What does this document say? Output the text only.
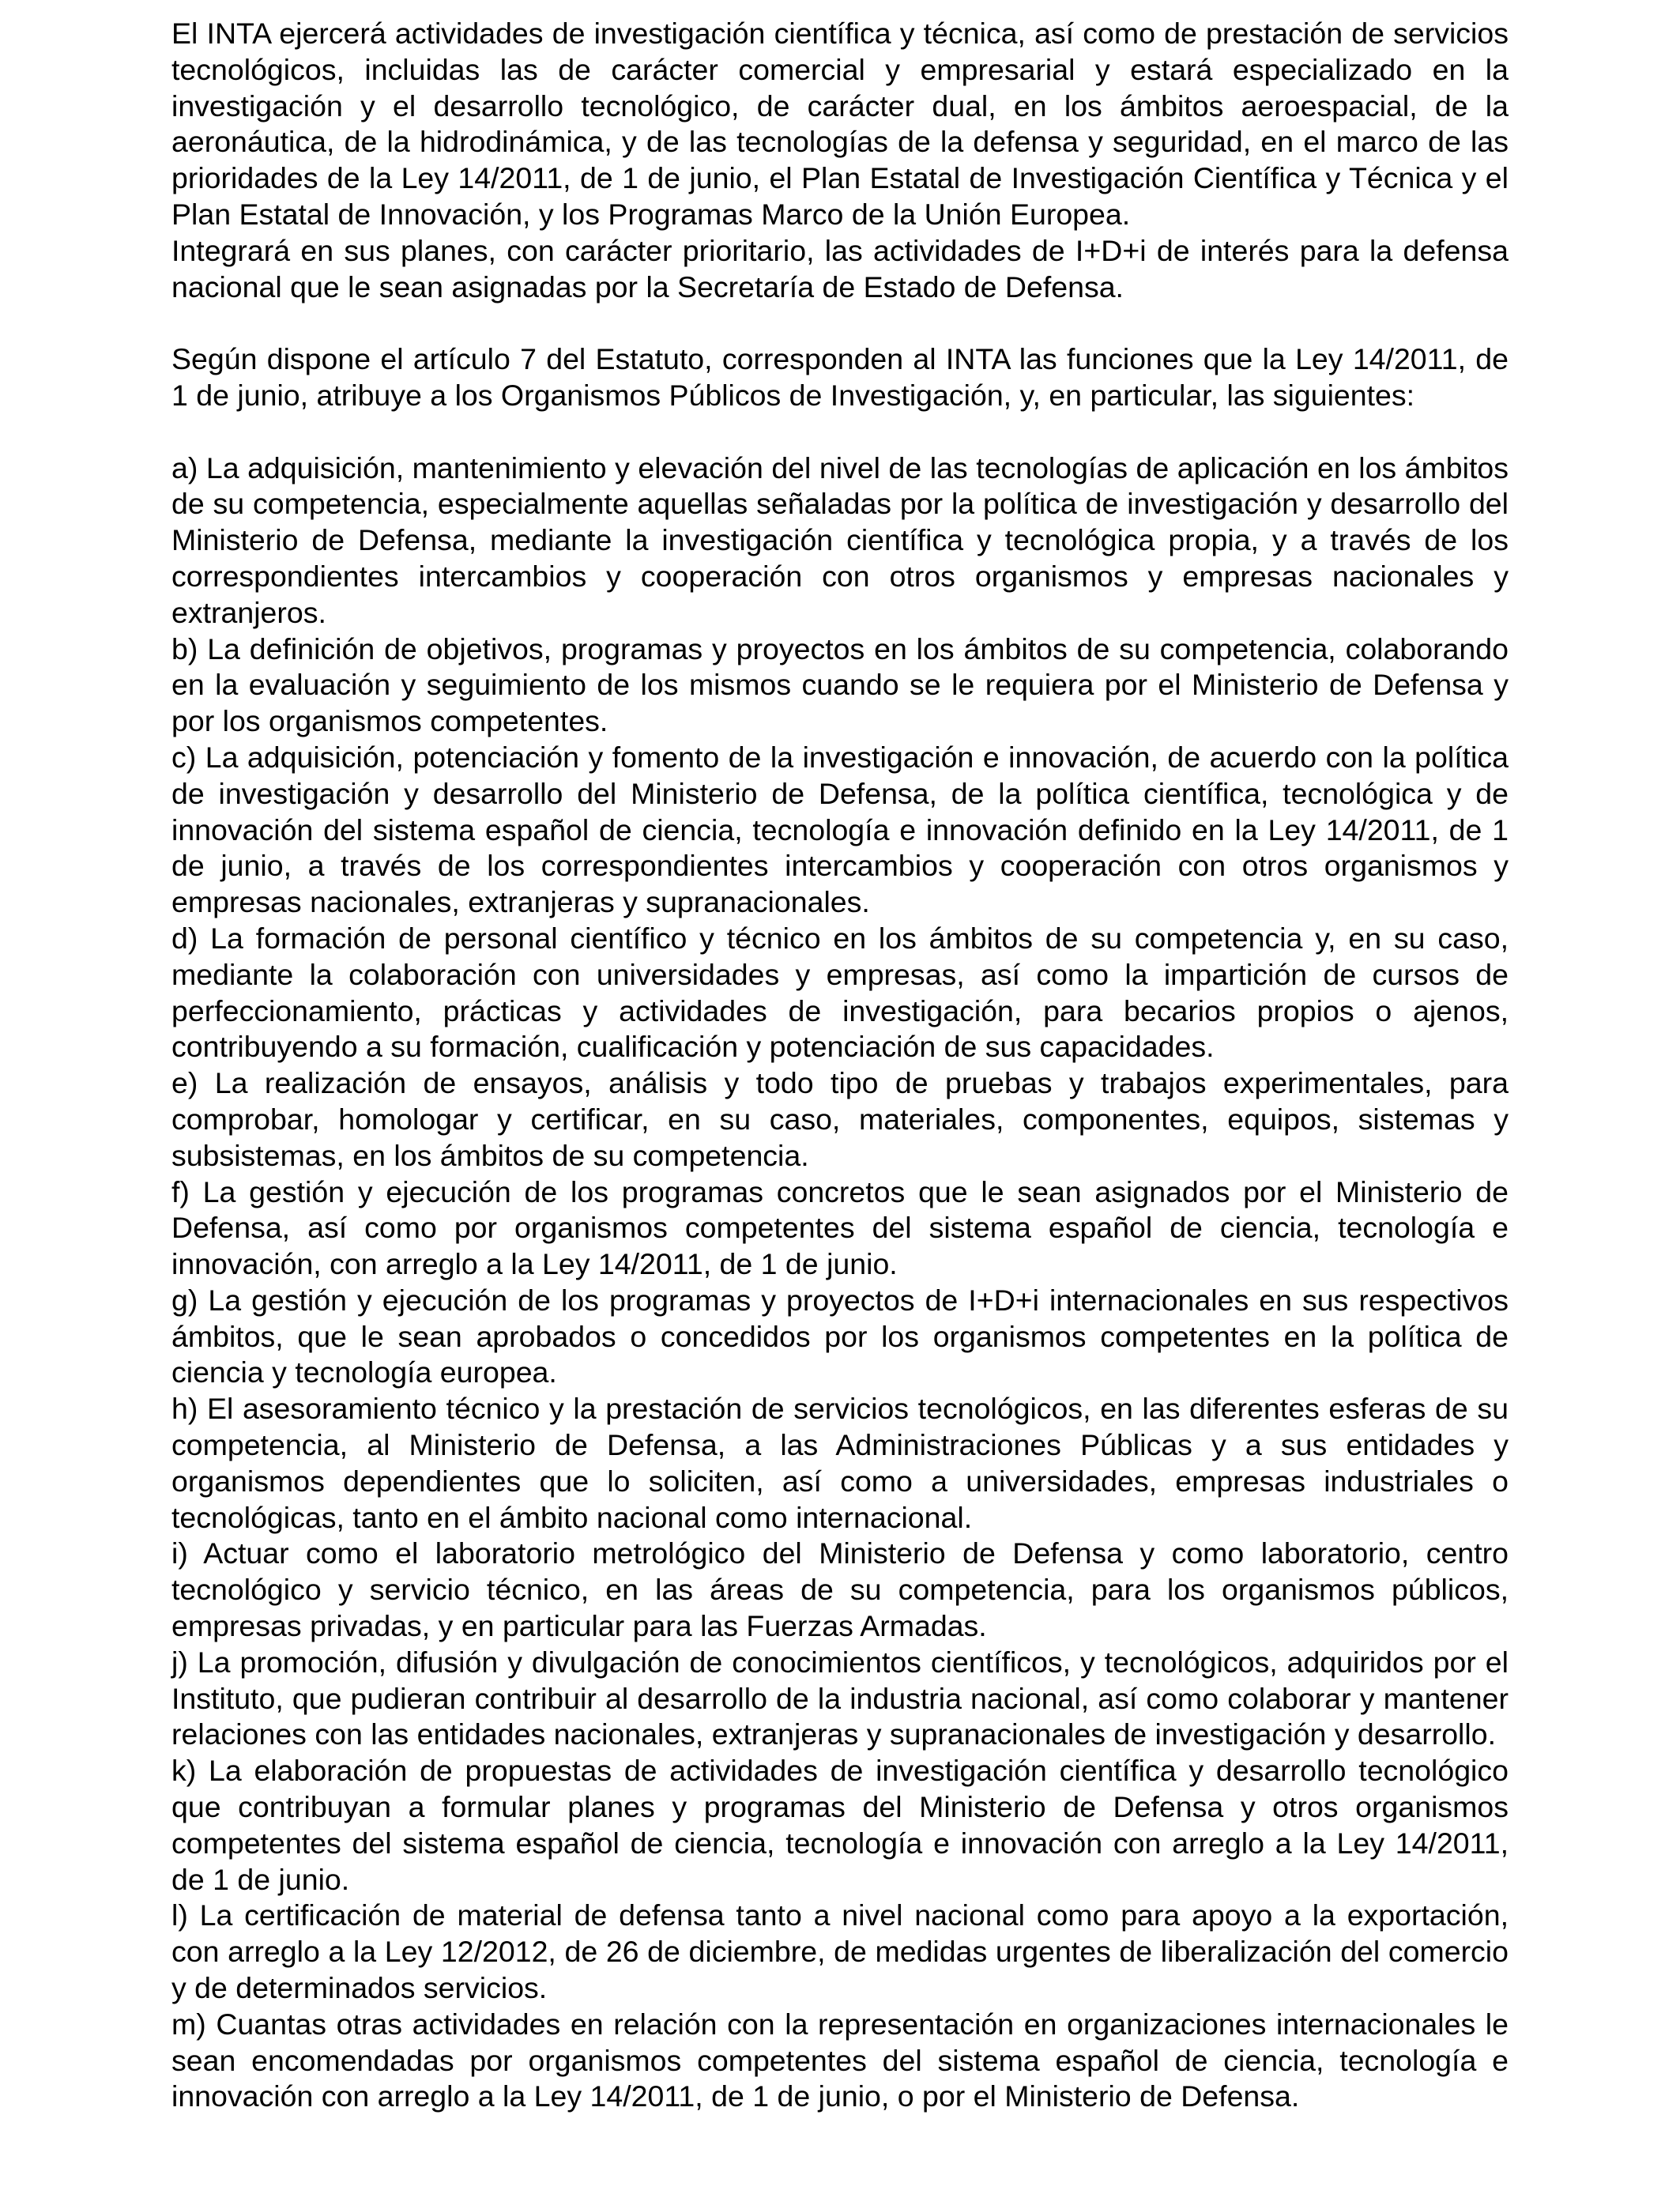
El INTA ejercerá actividades de investigación científica y técnica, así como de prestación de servicios tecnológicos, incluidas las de carácter comercial y empresarial y estará especializado en la investigación y el desarrollo tecnológico, de carácter dual, en los ámbitos aeroespacial, de la aeronáutica, de la hidrodinámica, y de las tecnologías de la defensa y seguridad, en el marco de las prioridades de la Ley 14/2011, de 1 de junio, el Plan Estatal de Investigación Científica y Técnica y el Plan Estatal de Innovación, y los Programas Marco de la Unión Europea.

Integrará en sus planes, con carácter prioritario, las actividades de I+D+i de interés para la defensa nacional que le sean asignadas por la Secretaría de Estado de Defensa.

Según dispone el artículo 7 del Estatuto, corresponden al INTA las funciones que la Ley 14/2011, de 1 de junio, atribuye a los Organismos Públicos de Investigación, y, en particular, las siguientes:

a) La adquisición, mantenimiento y elevación del nivel de las tecnologías de aplicación en los ámbitos de su competencia, especialmente aquellas señaladas por la política de investigación y desarrollo del Ministerio de Defensa, mediante la investigación científica y tecnológica propia, y a través de los correspondientes intercambios y cooperación con otros organismos y empresas nacionales y extranjeros.

b) La definición de objetivos, programas y proyectos en los ámbitos de su competencia, colaborando en la evaluación y seguimiento de los mismos cuando se le requiera por el Ministerio de Defensa y por los organismos competentes.

c) La adquisición, potenciación y fomento de la investigación e innovación, de acuerdo con la política de investigación y desarrollo del Ministerio de Defensa, de la política científica, tecnológica y de innovación del sistema español de ciencia, tecnología e innovación definido en la Ley 14/2011, de 1 de junio, a través de los correspondientes intercambios y cooperación con otros organismos y empresas nacionales, extranjeras y supranacionales.

d) La formación de personal científico y técnico en los ámbitos de su competencia y, en su caso, mediante la colaboración con universidades y empresas, así como la impartición de cursos de perfeccionamiento, prácticas y actividades de investigación, para becarios propios o ajenos, contribuyendo a su formación, cualificación y potenciación de sus capacidades.

e) La realización de ensayos, análisis y todo tipo de pruebas y trabajos experimentales, para comprobar, homologar y certificar, en su caso, materiales, componentes, equipos, sistemas y subsistemas, en los ámbitos de su competencia.

f) La gestión y ejecución de los programas concretos que le sean asignados por el Ministerio de Defensa, así como por organismos competentes del sistema español de ciencia, tecnología e innovación, con arreglo a la Ley 14/2011, de 1 de junio.

g) La gestión y ejecución de los programas y proyectos de I+D+i internacionales en sus respectivos ámbitos, que le sean aprobados o concedidos por los organismos competentes en la política de ciencia y tecnología europea.

h) El asesoramiento técnico y la prestación de servicios tecnológicos, en las diferentes esferas de su competencia, al Ministerio de Defensa, a las Administraciones Públicas y a sus entidades y organismos dependientes que lo soliciten, así como a universidades, empresas industriales o tecnológicas, tanto en el ámbito nacional como internacional.

i) Actuar como el laboratorio metrológico del Ministerio de Defensa y como laboratorio, centro tecnológico y servicio técnico, en las áreas de su competencia, para los organismos públicos, empresas privadas, y en particular para las Fuerzas Armadas.

j) La promoción, difusión y divulgación de conocimientos científicos, y tecnológicos, adquiridos por el Instituto, que pudieran contribuir al desarrollo de la industria nacional, así como colaborar y mantener relaciones con las entidades nacionales, extranjeras y supranacionales de investigación y desarrollo.

k) La elaboración de propuestas de actividades de investigación científica y desarrollo tecnológico que contribuyan a formular planes y programas del Ministerio de Defensa y otros organismos competentes del sistema español de ciencia, tecnología e innovación con arreglo a la Ley 14/2011, de 1 de junio.

l) La certificación de material de defensa tanto a nivel nacional como para apoyo a la exportación, con arreglo a la Ley 12/2012, de 26 de diciembre, de medidas urgentes de liberalización del comercio y de determinados servicios.

m) Cuantas otras actividades en relación con la representación en organizaciones internacionales le sean encomendadas por organismos competentes del sistema español de ciencia, tecnología e innovación con arreglo a la Ley 14/2011, de 1 de junio, o por el Ministerio de Defensa.
